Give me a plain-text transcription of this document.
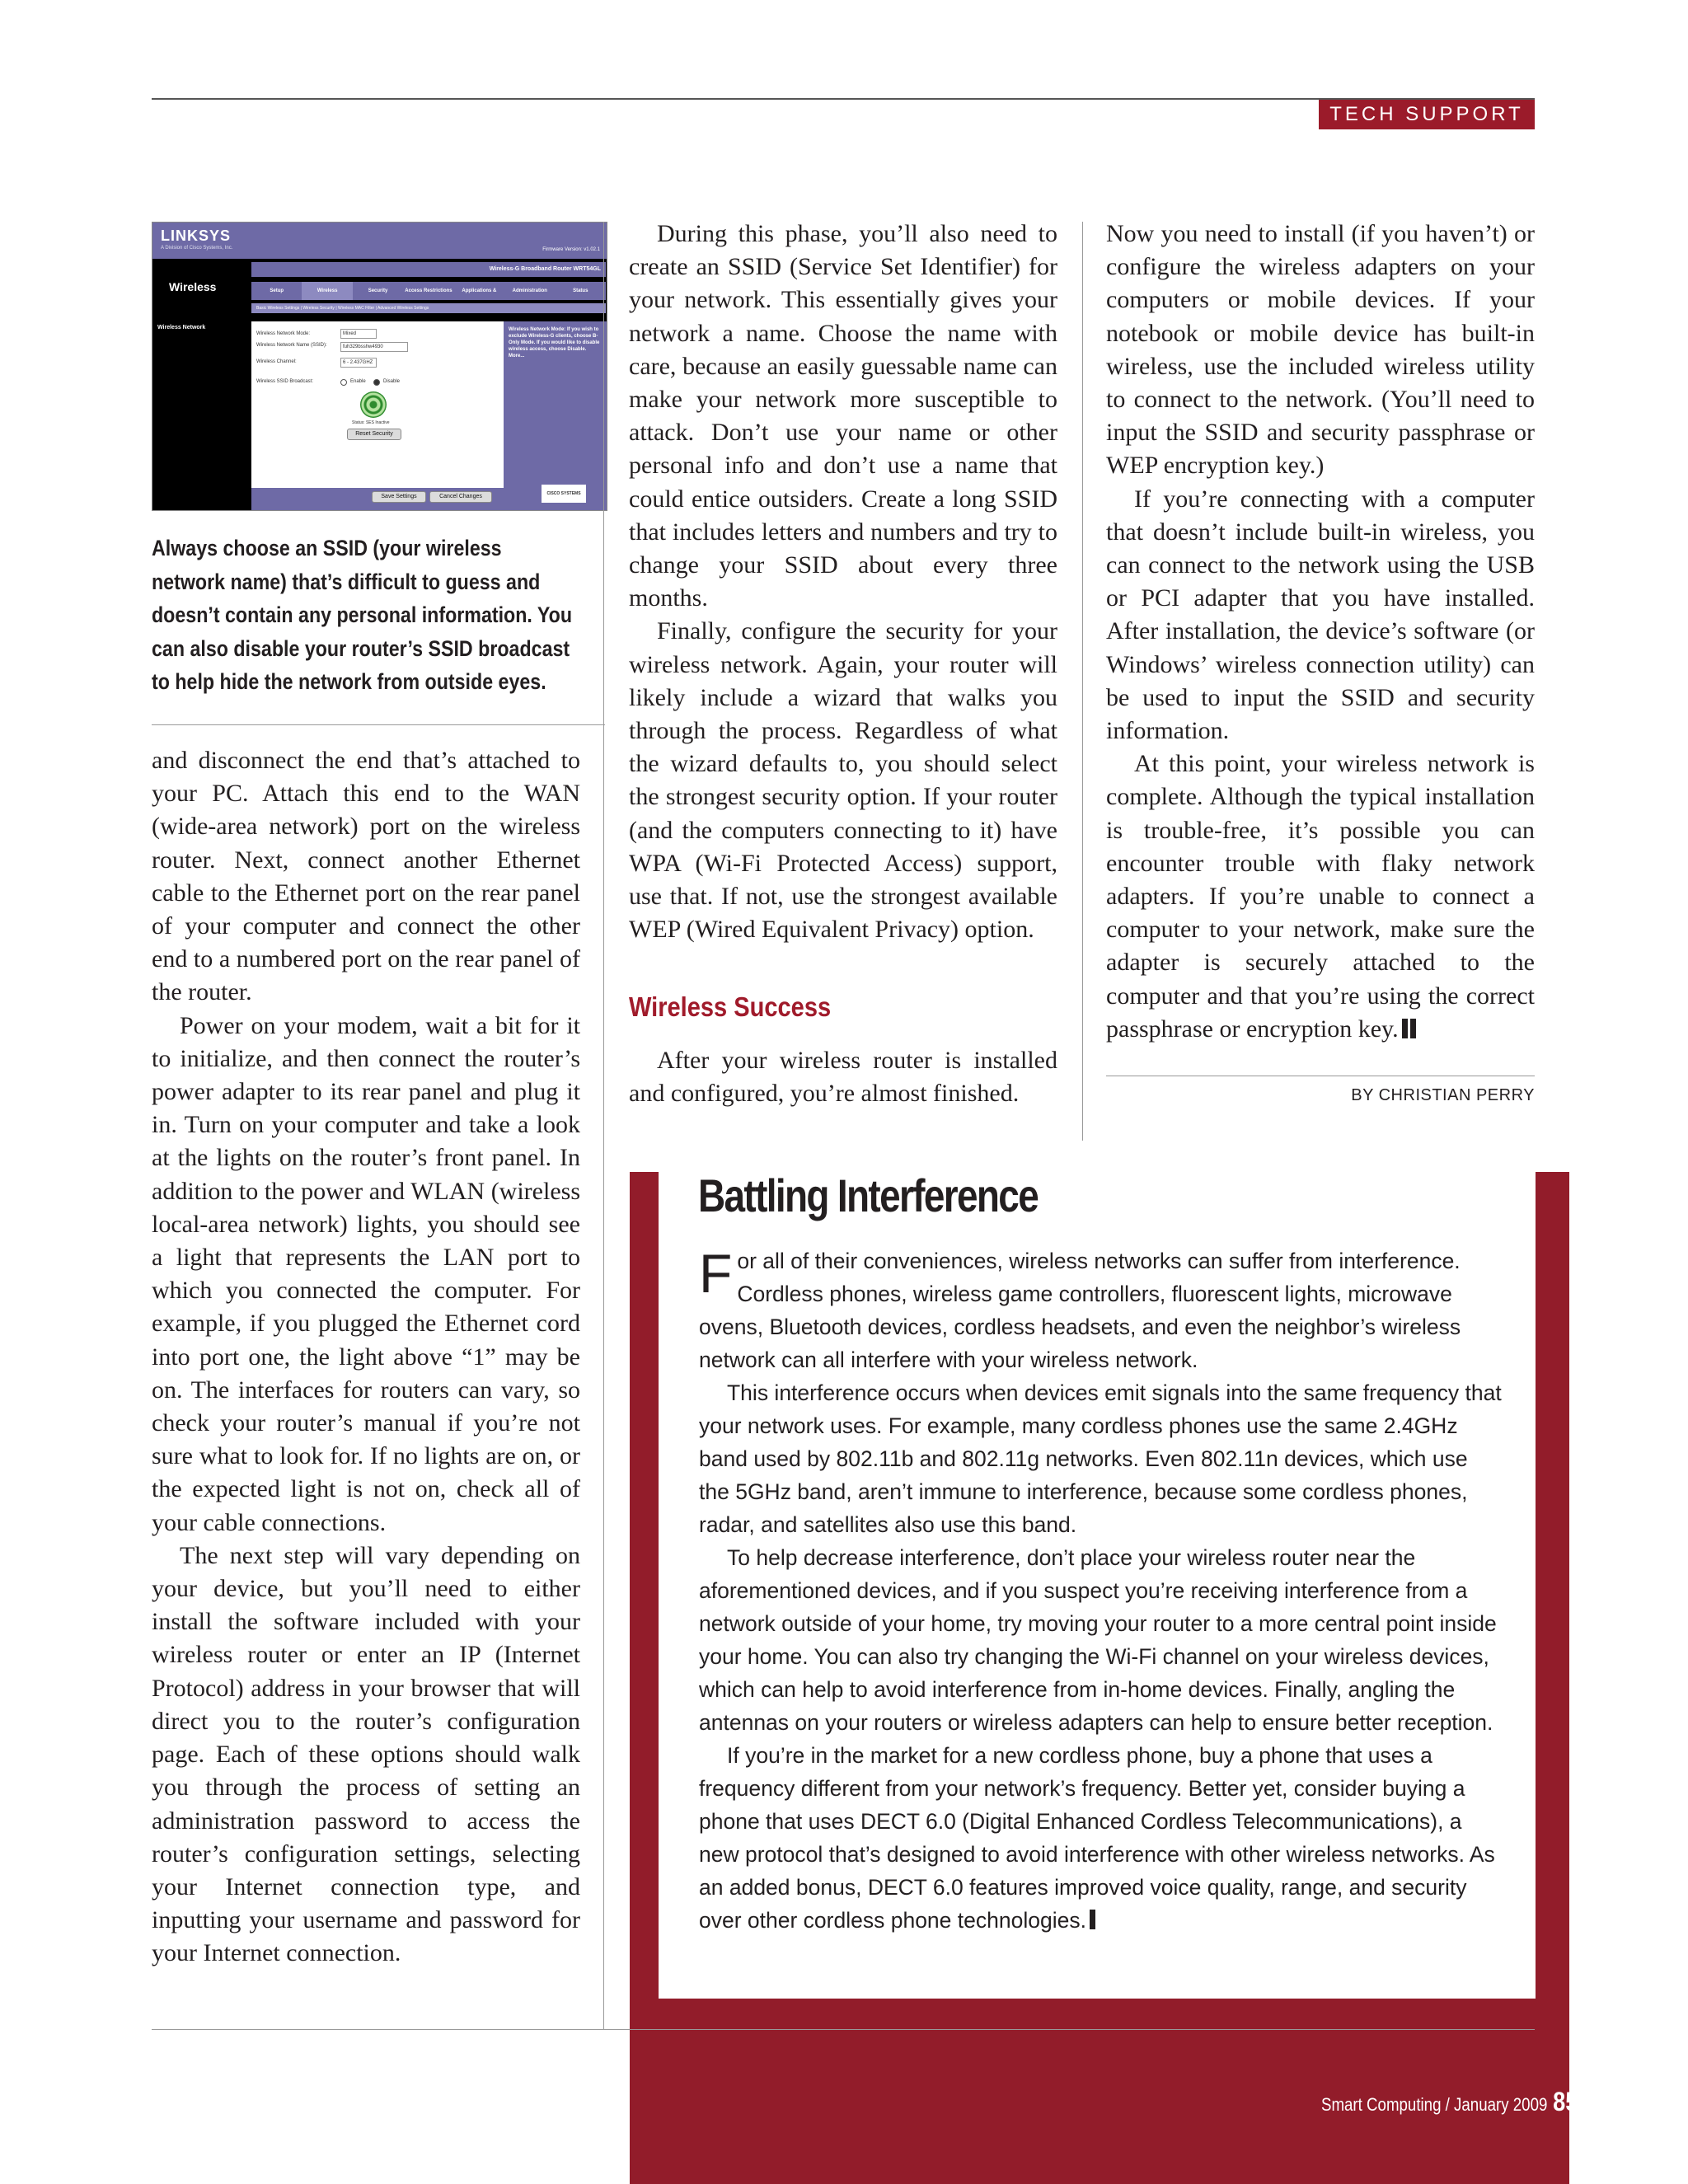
TECH SUPPORT
LINKSYS
A Division of Cisco Systems, Inc.	Firmware Version: v1.02.1
Wireless
Wireless-G Broadband Router WRT54GL
Setup	Wireless	Security	Access Restrictions	Applications &	Administration	Status
Basic Wireless Settings | Wireless Security | Wireless MAC Filter | Advanced Wireless Settings
Wireless Network
Wireless Network Mode:	Mixed
Wireless Network Name (SSID):	fuh329bsshw4930
Wireless Channel:	6 - 2.437GHZ
Wireless SSID Broadcast:	Enable	Disable
Status: SES Inactive
Reset Security
Wireless Network Mode: If you wish to exclude Wireless-G clients, choose B-Only Mode. If you would like to disable wireless access, choose Disable. More...
Save Settings	Cancel Changes	CISCO SYSTEMS
Always choose an SSID (your wireless network name) that’s difficult to guess and doesn’t contain any personal information. You can also disable your router’s SSID broadcast to help hide the network from outside eyes.

and disconnect the end that’s attached to your PC. Attach this end to the WAN (wide-area network) port on the wireless router. Next, connect another Ethernet cable to the Ethernet port on the rear panel of your computer and connect the other end to a numbered port on the rear panel of the router.

Power on your modem, wait a bit for it to initialize, and then connect the router’s power adapter to its rear panel and plug it in. Turn on your computer and take a look at the lights on the router’s front panel. In addition to the power and WLAN (wireless local-area network) lights, you should see a light that represents the LAN port to which you connected the computer. For example, if you plugged the Ethernet cord into port one, the light above “1” may be on. The interfaces for routers can vary, so check your router’s manual if you’re not sure what to look for. If no lights are on, or the expected light is not on, check all of your cable connections.

The next step will vary depending on your device, but you’ll need to either install the software included with your wireless router or enter an IP (Internet Protocol) address in your browser that will direct you to the router’s configuration page. Each of these options should walk you through the process of setting an administration password to access the router’s configuration settings, selecting your Internet connection type, and inputting your username and password for your Internet connection.

During this phase, you’ll also need to create an SSID (Service Set Identifier) for your network. This essentially gives your network a name. Choose the name with care, because an easily guessable name can make your network more susceptible to attack. Don’t use your name or other personal info and don’t use a name that could entice outsiders. Create a long SSID that includes letters and numbers and try to change your SSID about every three months.

Finally, configure the security for your wireless network. Again, your router will likely include a wizard that walks you through the process. Regardless of what the wizard defaults to, you should select the strongest security option. If your router (and the computers connecting to it) have WPA (Wi-Fi Protected Access) support, use that. If not, use the strongest available WEP (Wired Equivalent Privacy) option.

Wireless Success

After your wireless router is installed and configured, you’re almost finished.

Now you need to install (if you haven’t) or configure the wireless adapters on your computers or mobile devices. If your notebook or mobile device has built-in wireless, use the included wireless utility to connect to the network. (You’ll need to input the SSID and security passphrase or WEP encryption key.)

If you’re connecting with a computer that doesn’t include built-in wireless, you can connect to the network using the USB or PCI adapter that you have installed. After installation, the device’s software (or Windows’ wireless connection utility) can be used to input the SSID and security information.

At this point, your wireless network is complete. Although the typical installation is trouble-free, it’s possible you can encounter trouble with flaky network adapters. If you’re unable to connect a computer to your network, make sure the adapter is securely attached to the computer and that you’re using the correct passphrase or encryption key.

BY CHRISTIAN PERRY
Battling Interference

For all of their conveniences, wireless networks can suffer from interference. Cordless phones, wireless game controllers, fluorescent lights, microwave ovens, Bluetooth devices, cordless headsets, and even the neighbor’s wireless network can all interfere with your wireless network.

This interference occurs when devices emit signals into the same frequency that your network uses. For example, many cordless phones use the same 2.4GHz band used by 802.11b and 802.11g networks. Even 802.11n devices, which use the 5GHz band, aren’t immune to interference, because some cordless phones, radar, and satellites also use this band.

To help decrease interference, don’t place your wireless router near the aforementioned devices, and if you suspect you’re receiving interference from a network outside of your home, try moving your router to a more central point inside your home. You can also try changing the Wi-Fi channel on your wireless devices, which can help to avoid interference from in-home devices. Finally, angling the antennas on your routers or wireless adapters can help to ensure better reception.

If you’re in the market for a new cordless phone, buy a phone that uses a frequency different from your network’s frequency. Better yet, consider buying a phone that uses DECT 6.0 (Digital Enhanced Cordless Telecommunications), a new protocol that’s designed to avoid interference with other wireless networks. As an added bonus, DECT 6.0 features improved voice quality, range, and security over other cordless phone technologies.

Smart Computing / January 2009 85
